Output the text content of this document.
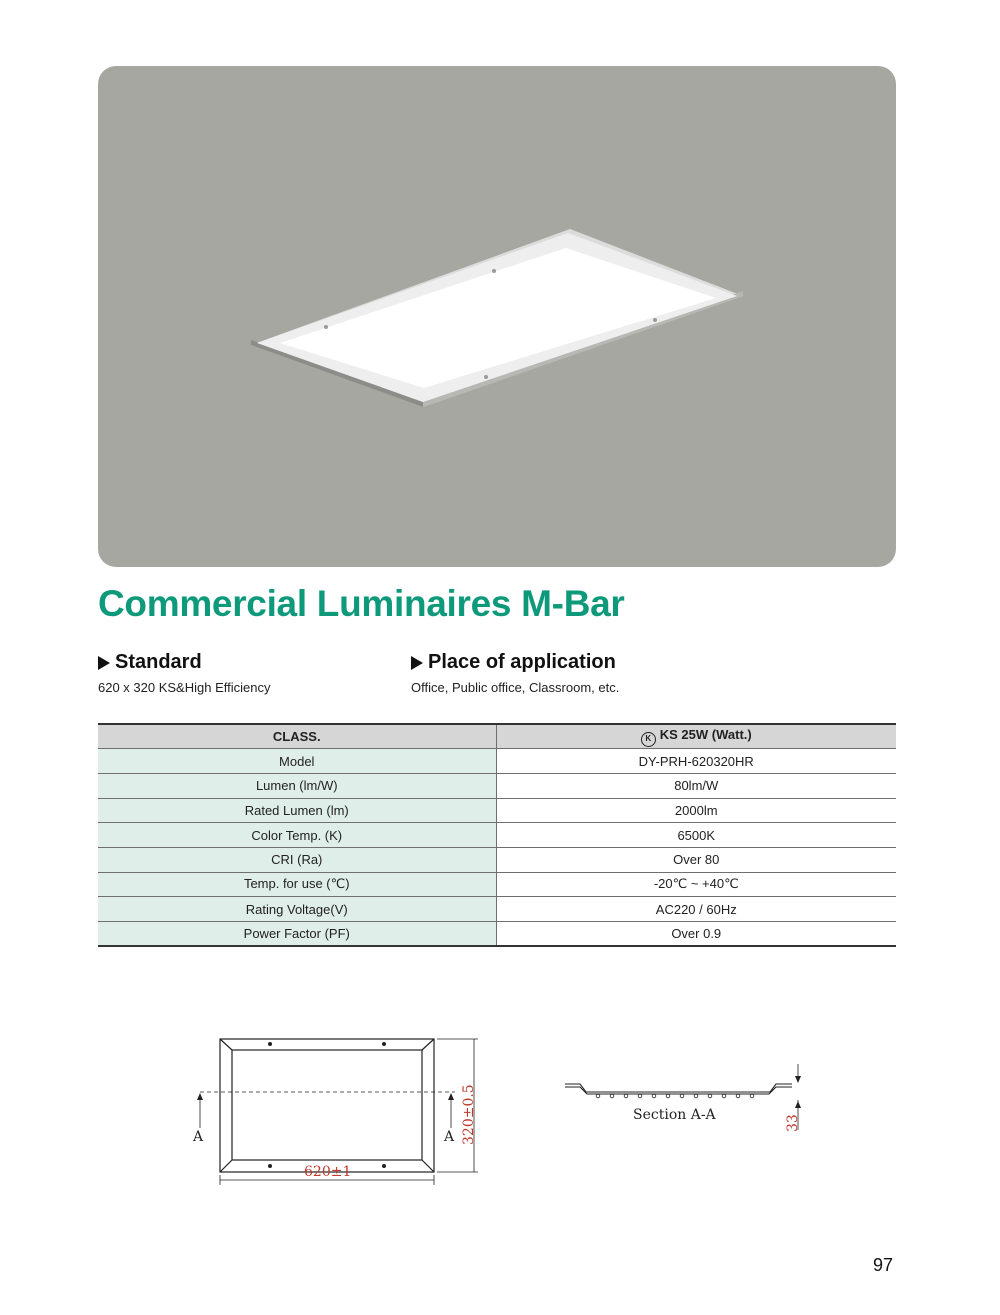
Commercial Luminaires M-Bar
Standard
620 x 320 KS&High Efficiency
Place of application
Office, Public office, Classroom, etc.
CLASS.	K KS 25W (Watt.)
Model	DY-PRH-620320HR
Lumen (lm/W)	80lm/W
Rated Lumen (lm)	2000lm
Color Temp. (K)	6500K
CRI (Ra)	Over 80
Temp. for use (℃)	-20℃ ~ +40℃
Rating Voltage(V)	AC220 / 60Hz
Power Factor (PF)	Over 0.9
A	A
620±1
320±0.5	Section A-A	33
97
